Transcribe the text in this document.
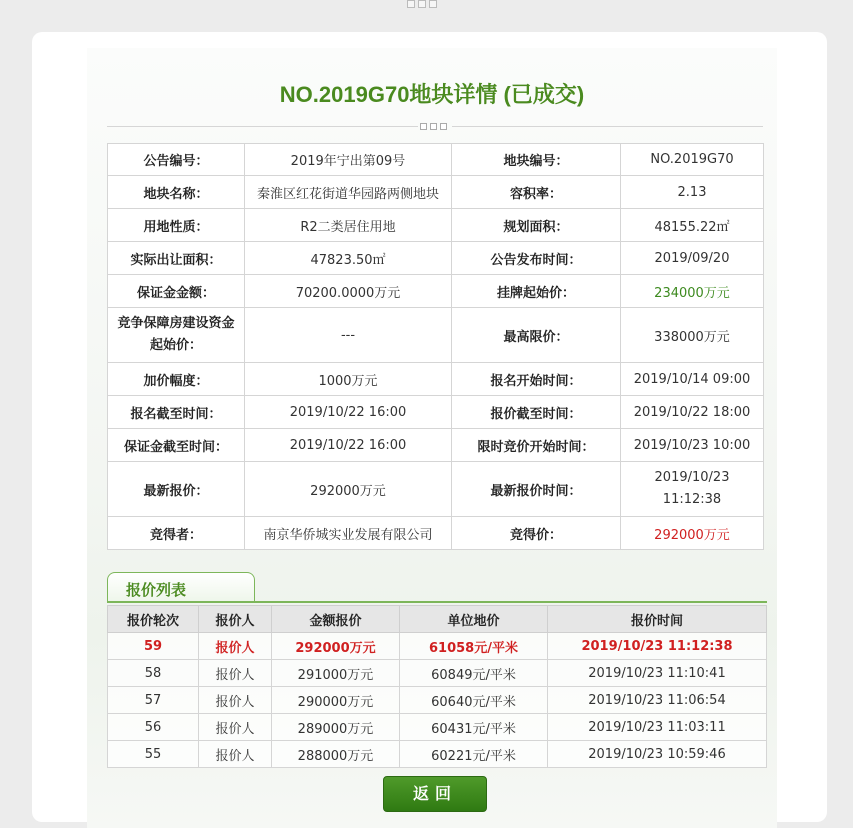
NO.2019G70地块详情 (已成交)
公告编号：	2019年宁出第09号	地块编号：	NO.2019G70
地块名称：	秦淮区红花街道华园路两侧地块	容积率：	2.13
用地性质：	R2二类居住用地	规划面积：	48155.22㎡
实际出让面积：	47823.50㎡	公告发布时间：	2019/09/20
保证金金额：	70200.0000万元	挂牌起始价：	234000万元
竞争保障房建设资金起始价：	---	最高限价：	338000万元
加价幅度：	1000万元	报名开始时间：	2019/10/14 09:00
报名截至时间：	2019/10/22 16:00	报价截至时间：	2019/10/22 18:00
保证金截至时间：	2019/10/22 16:00	限时竞价开始时间：	2019/10/23 10:00
最新报价：	292000万元	最新报价时间：	2019/10/23 11:12:38
竞得者：	南京华侨城实业发展有限公司	竞得价：	292000万元
报价列表
报价轮次	报价人	金额报价	单位地价	报价时间
59	报价人	292000万元	61058元/平米	2019/10/23 11:12:38
58	报价人	291000万元	60849元/平米	2019/10/23 11:10:41
57	报价人	290000万元	60640元/平米	2019/10/23 11:06:54
56	报价人	289000万元	60431元/平米	2019/10/23 11:03:11
55	报价人	288000万元	60221元/平米	2019/10/23 10:59:46
返回
